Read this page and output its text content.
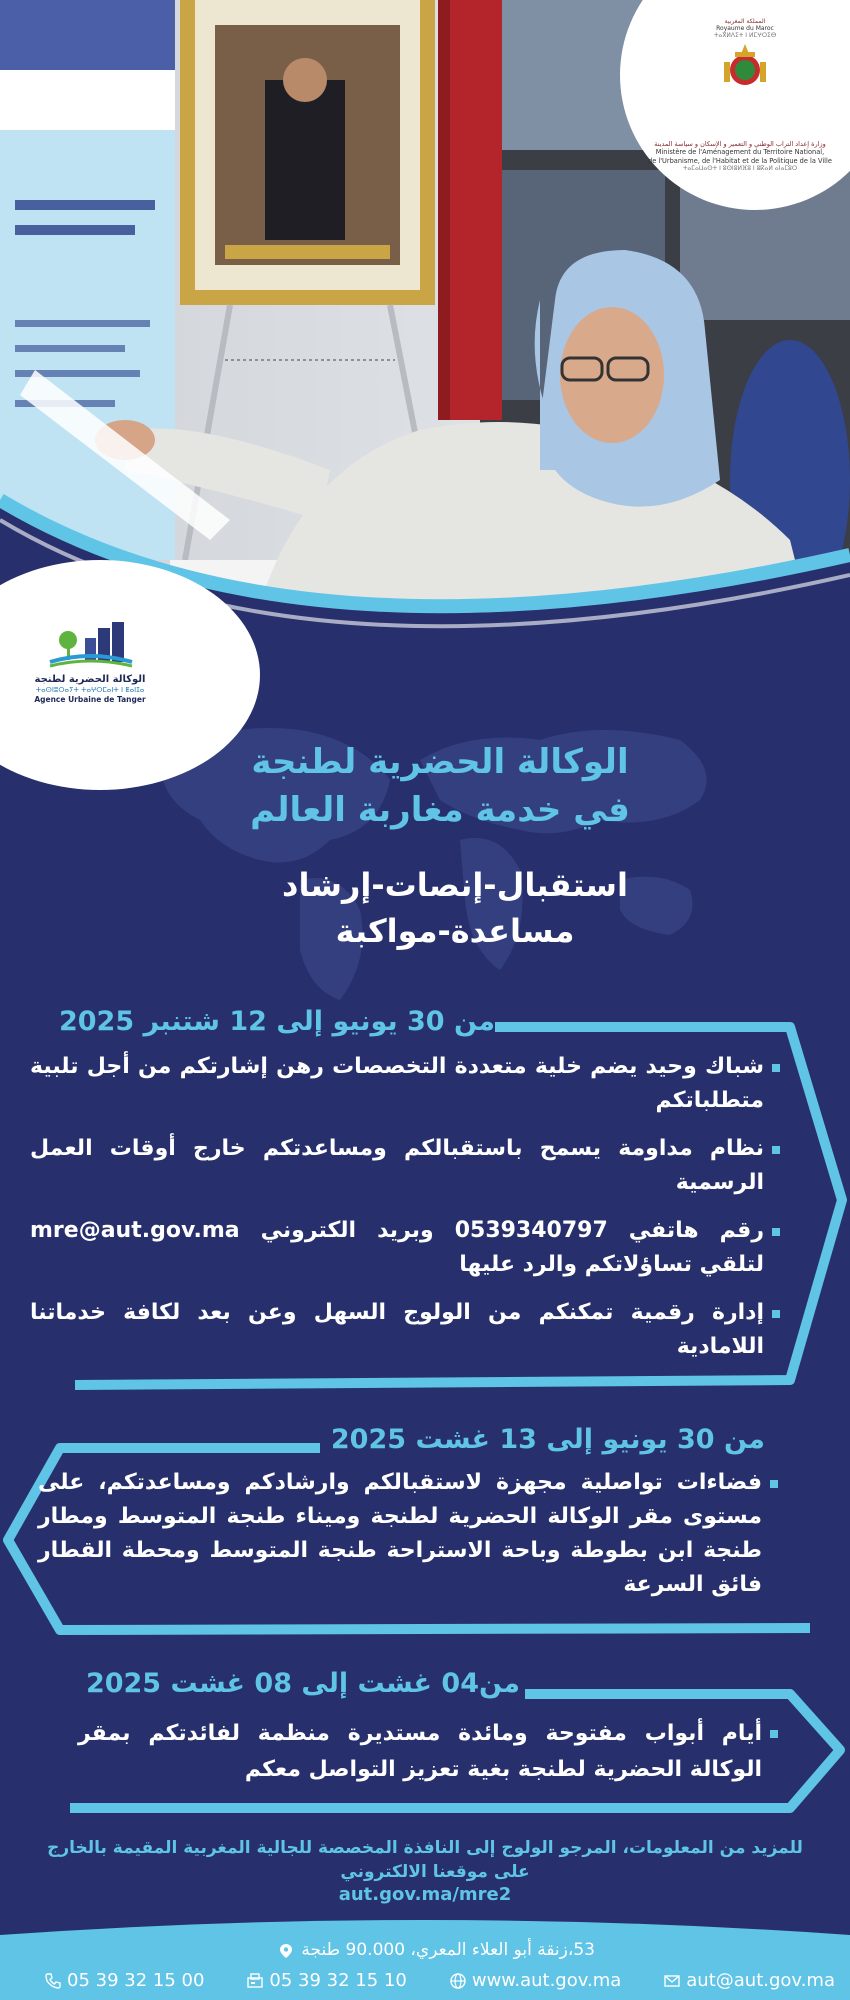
المملكة المغربية
Royaume du Maroc
ⵜⴰⴳⵍⴷⵉⵜ ⵏ ⵍⵎⵖⵔⵉⴱ
وزارة إعداد التراب الوطني و التعمير و الإسكان و سياسة المدينة
Ministère de l'Aménagement du Territoire National,
de l'Urbanisme, de l'Habitat et de la Politique de la Ville
ⵜⴰⵎⴰⵡⴰⵙⵜ ⵏ ⵓⵙⵏⵓⵍⴼⵓ ⵏ ⵓⴽⴰⵍ ⴰⵏⴰⵎⵓⵔ
الوكالة الحضرية لطنجة
ⵜⴰⵙⵏⵓⵔⴰⵢⵜ ⵜⴰⵖⵔⵎⴰⵏⵜ ⵏ ⵟⴰⵏⵊⴰ
Agence Urbaine de Tanger
الوكالة الحضرية لطنجة
في خدمة مغاربة العالم
استقبال-إنصات-إرشاد
مساعدة-مواكبة
من 30 يونيو إلى 12 شتنبر 2025

شباك وحيد يضم خلية متعددة التخصصات رهن إشارتكم من أجل تلبية متطلباتكم

نظام مداومة يسمح باستقبالكم ومساعدتكم خارج أوقات العمل الرسمية

رقم هاتفي 0539340797 وبريد الكتروني mre@aut.gov.ma لتلقي تساؤلاتكم والرد عليها

إدارة رقمية تمكنكم من الولوج السهل وعن بعد لكافة خدماتنا اللامادية

من 30 يونيو إلى 13 غشت 2025

فضاءات تواصلية مجهزة لاستقبالكم وارشادكم ومساعدتكم، على مستوى مقر الوكالة الحضرية لطنجة وميناء طنجة المتوسط ومطار طنجة ابن بطوطة وباحة الاستراحة طنجة المتوسط ومحطة القطار فائق السرعة

من04 غشت إلى 08 غشت 2025

أيام أبواب مفتوحة ومائدة مستديرة منظمة لفائدتكم بمقر الوكالة الحضرية لطنجة بغية تعزيز التواصل معكم

للمزيد من المعلومات، المرجو الولوج إلى النافذة المخصصة للجالية المغربية المقيمة بالخارج
على موقعنا الالكتروني
aut.gov.ma/mre2
53،زنقة أبو العلاء المعري، 90.000 طنجة
05 39 32 15 00	05 39 32 15 10	www.aut.gov.ma	aut@aut.gov.ma
